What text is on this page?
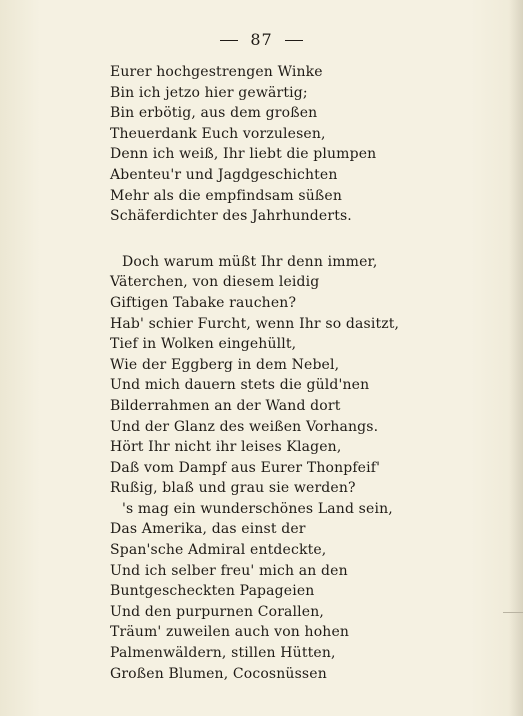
87
Eurer hochgestrengen Winke
Bin ich jetzo hier gewärtig;
Bin erbötig, aus dem großen
Theuerdank Euch vorzulesen,
Denn ich weiß, Ihr liebt die plumpen
Abenteu'r und Jagdgeschichten
Mehr als die empfindsam süßen
Schäferdichter des Jahrhunderts.
Doch warum müßt Ihr denn immer,
Väterchen, von diesem leidig
Giftigen Tabake rauchen?
Hab' schier Furcht, wenn Ihr so dasitzt,
Tief in Wolken eingehüllt,
Wie der Eggberg in dem Nebel,
Und mich dauern stets die güld'nen
Bilderrahmen an der Wand dort
Und der Glanz des weißen Vorhangs.
Hört Ihr nicht ihr leises Klagen,
Daß vom Dampf aus Eurer Thonpfeif'
Rußig, blaß und grau sie werden?
's mag ein wunderschönes Land sein,
Das Amerika, das einst der
Span'sche Admiral entdeckte,
Und ich selber freu' mich an den
Buntgescheckten Papageien
Und den purpurnen Corallen,
Träum' zuweilen auch von hohen
Palmenwäldern, stillen Hütten,
Großen Blumen, Cocosnüssen
